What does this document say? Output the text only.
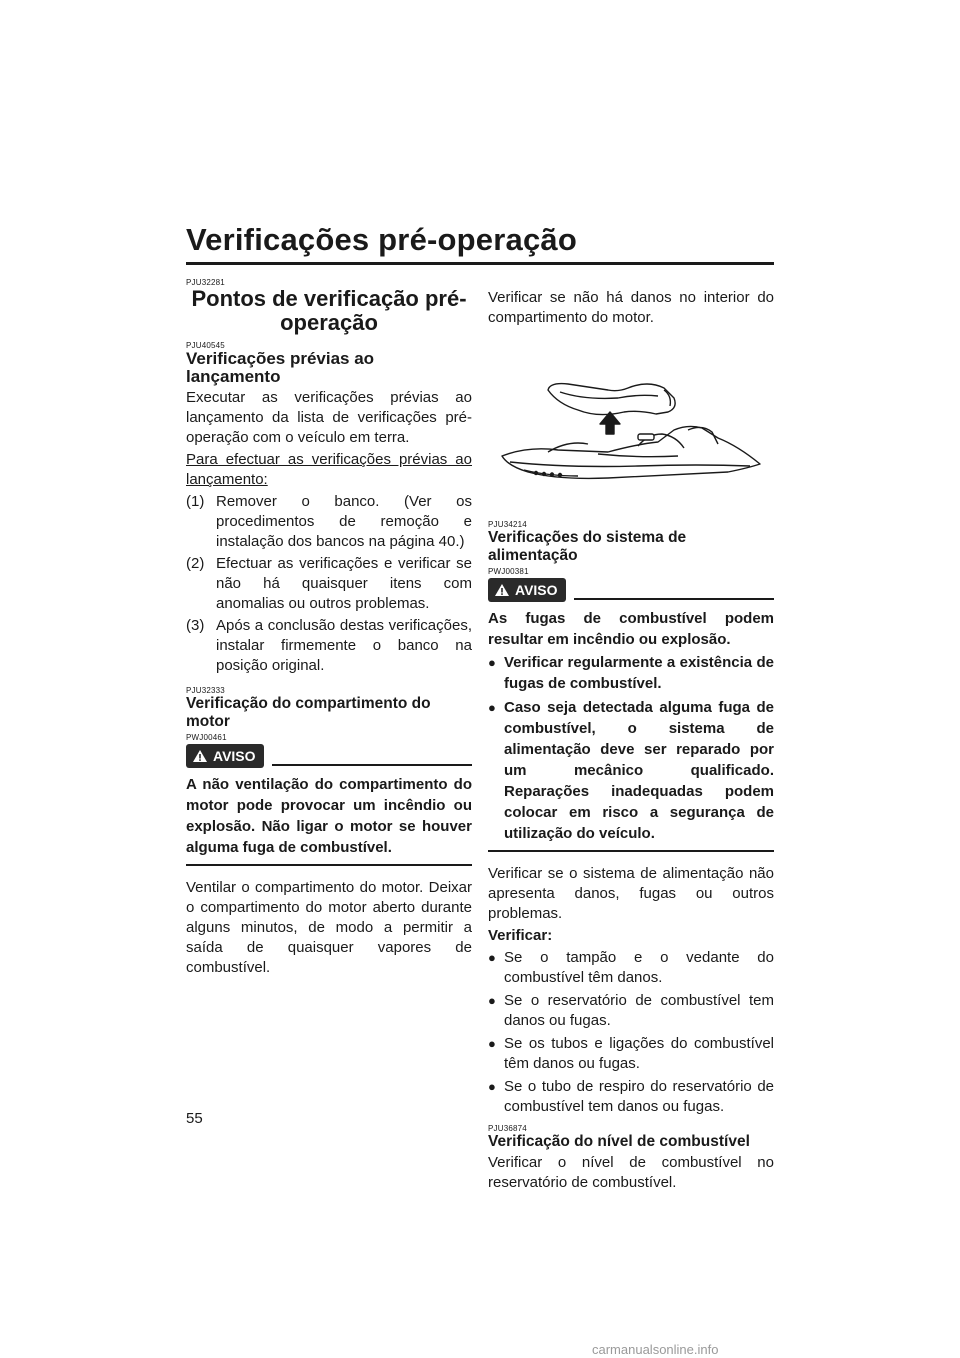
Verificações pré-operação
PJU32281
Pontos de verificação pré-operação
PJU40545
Verificações prévias ao lançamento

Executar as verificações prévias ao lançamento da lista de verificações pré-operação com o veículo em terra.

Para efectuar as verificações prévias ao lançamento:

(1) Remover o banco. (Ver os procedimentos de remoção e instalação dos bancos na página 40.)
(2) Efectuar as verificações e verificar se não há quaisquer itens com anomalias ou outros problemas.
(3) Após a conclusão destas verificações, instalar firmemente o banco na posição original.
PJU32333
Verificação do compartimento do motor
PWJ00461
AVISO

A não ventilação do compartimento do motor pode provocar um incêndio ou explosão. Não ligar o motor se houver alguma fuga de combustível.

Ventilar o compartimento do motor. Deixar o compartimento do motor aberto durante alguns minutos, de modo a permitir a saída de quaisquer vapores de combustível.

Verificar se não há danos no interior do compartimento do motor.

PJU34214
Verificações do sistema de alimentação
PWJ00381
AVISO

As fugas de combustível podem resultar em incêndio ou explosão.

● Verificar regularmente a existência de fugas de combustível.
● Caso seja detectada alguma fuga de combustível, o sistema de alimentação deve ser reparado por um mecânico qualificado. Reparações inadequadas podem colocar em risco a segurança de utilização do veículo.

Verificar se o sistema de alimentação não apresenta danos, fugas ou outros problemas.

Verificar:

● Se o tampão e o vedante do combustível têm danos.
● Se o reservatório de combustível tem danos ou fugas.
● Se os tubos e ligações do combustível têm danos ou fugas.
● Se o tubo de respiro do reservatório de combustível tem danos ou fugas.
PJU36874
Verificação do nível de combustível

Verificar o nível de combustível no reservatório de combustível.

55
carmanualsonline.info
